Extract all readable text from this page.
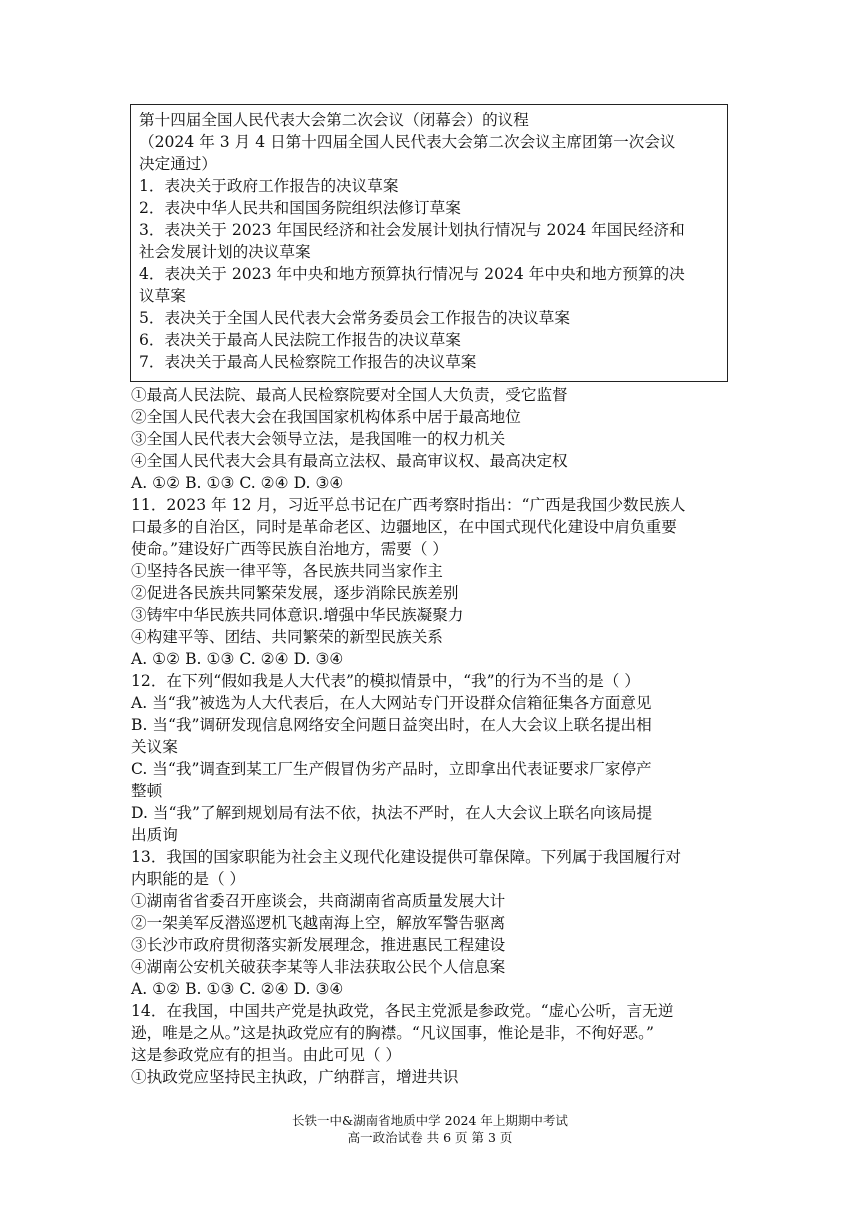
第十四届全国人民代表大会第二次会议（闭幕会）的议程
（2024 年 3 月 4 日第十四届全国人民代表大会第二次会议主席团第一次会议
决定通过）
1．表决关于政府工作报告的决议草案
2．表决中华人民共和国国务院组织法修订草案
3．表决关于 2023 年国民经济和社会发展计划执行情况与 2024 年国民经济和
社会发展计划的决议草案
4．表决关于 2023 年中央和地方预算执行情况与 2024 年中央和地方预算的决
议草案
5．表决关于全国人民代表大会常务委员会工作报告的决议草案
6．表决关于最高人民法院工作报告的决议草案
7．表决关于最高人民检察院工作报告的决议草案
①最高人民法院、最高人民检察院要对全国人大负责，受它监督
②全国人民代表大会在我国国家机构体系中居于最高地位
③全国人民代表大会领导立法，是我国唯一的权力机关
④全国人民代表大会具有最高立法权、最高审议权、最高决定权
A. ①② B. ①③ C. ②④ D. ③④
11．2023 年 12 月，习近平总书记在广西考察时指出：“广西是我国少数民族人
口最多的自治区，同时是革命老区、边疆地区，在中国式现代化建设中肩负重要
使命。”建设好广西等民族自治地方，需要（ ）
①坚持各民族一律平等，各民族共同当家作主
②促进各民族共同繁荣发展，逐步消除民族差别
③铸牢中华民族共同体意识.增强中华民族凝聚力
④构建平等、团结、共同繁荣的新型民族关系
A. ①② B. ①③ C. ②④ D. ③④
12．在下列“假如我是人大代表”的模拟情景中，“我”的行为不当的是（ ）
A. 当“我”被选为人大代表后，在人大网站专门开设群众信箱征集各方面意见
B. 当“我”调研发现信息网络安全问题日益突出时，在人大会议上联名提出相
关议案
C. 当“我”调查到某工厂生产假冒伪劣产品时，立即拿出代表证要求厂家停产
整顿
D. 当“我”了解到规划局有法不依，执法不严时，在人大会议上联名向该局提
出质询
13．我国的国家职能为社会主义现代化建设提供可靠保障。下列属于我国履行对
内职能的是（ ）
①湖南省省委召开座谈会，共商湖南省高质量发展大计
②一架美军反潜巡逻机飞越南海上空，解放军警告驱离
③长沙市政府贯彻落实新发展理念，推进惠民工程建设
④湖南公安机关破获李某等人非法获取公民个人信息案
A. ①② B. ①③ C. ②④ D. ③④
14．在我国，中国共产党是执政党，各民主党派是参政党。“虚心公听，言无逆
逊，唯是之从。”这是执政党应有的胸襟。“凡议国事，惟论是非，不徇好恶。”
这是参政党应有的担当。由此可见（ ）
①执政党应坚持民主执政，广纳群言，增进共识
长铁一中&湖南省地质中学 2024 年上期期中考试
高一政治试卷 共 6 页 第 3 页
